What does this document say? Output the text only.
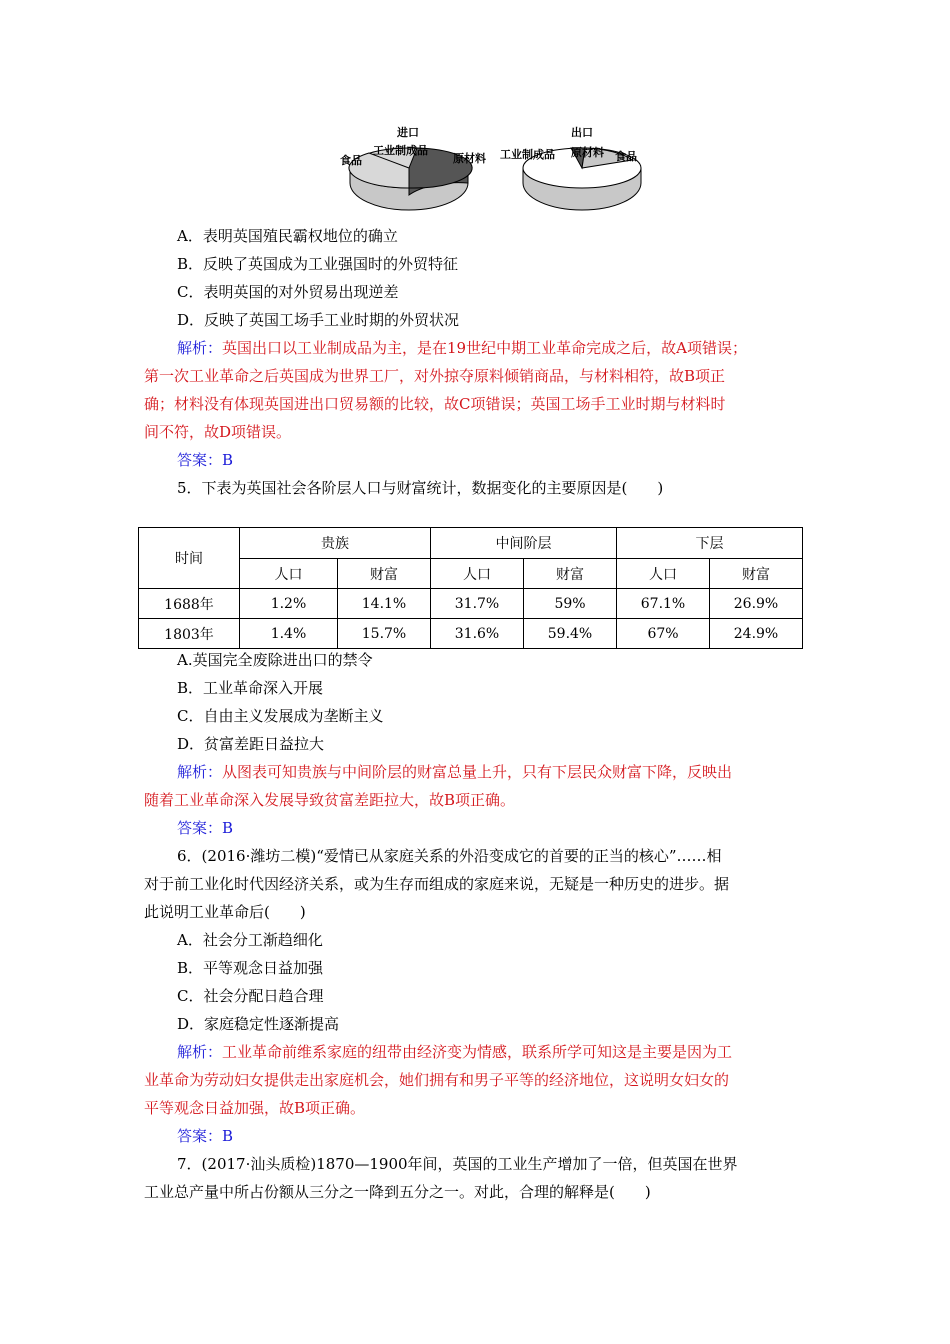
进口
食品
工业制成品
原材料
出口
工业制成品 原材料 食品
A．表明英国殖民霸权地位的确立
B．反映了英国成为工业强国时的外贸特征
C．表明英国的对外贸易出现逆差
D．反映了英国工场手工业时期的外贸状况
解析：英国出口以工业制成品为主，是在19世纪中期工业革命完成之后，故A项错误；
第一次工业革命之后英国成为世界工厂，对外掠夺原料倾销商品，与材料相符，故B项正
确；材料没有体现英国进出口贸易额的比较，故C项错误；英国工场手工业时期与材料时
间不符，故D项错误。
答案：B
5．下表为英国社会各阶层人口与财富统计，数据变化的主要原因是(　　)
时间	贵族		中间阶层		下层	
	人口	财富	人口	财富	人口	财富
1688年	1.2%	14.1%	31.7%	59%	67.1%	26.9%
1803年	1.4%	15.7%	31.6%	59.4%	67%	24.9%
A.英国完全废除进出口的禁令
B．工业革命深入开展
C．自由主义发展成为垄断主义
D．贫富差距日益拉大
解析：从图表可知贵族与中间阶层的财富总量上升，只有下层民众财富下降，反映出
随着工业革命深入发展导致贫富差距拉大，故B项正确。
答案：B
6．(2016·潍坊二模)“爱情已从家庭关系的外沿变成它的首要的正当的核心”……相
对于前工业化时代因经济关系，或为生存而组成的家庭来说，无疑是一种历史的进步。据
此说明工业革命后(　　)
A．社会分工渐趋细化
B．平等观念日益加强
C．社会分配日趋合理
D．家庭稳定性逐渐提高
解析：工业革命前维系家庭的纽带由经济变为情感，联系所学可知这是主要是因为工
业革命为劳动妇女提供走出家庭机会，她们拥有和男子平等的经济地位，这说明女妇女的
平等观念日益加强，故B项正确。
答案：B
7．(2017·汕头质检)1870—1900年间，英国的工业生产增加了一倍，但英国在世界
工业总产量中所占份额从三分之一降到五分之一。对此，合理的解释是(　　)
